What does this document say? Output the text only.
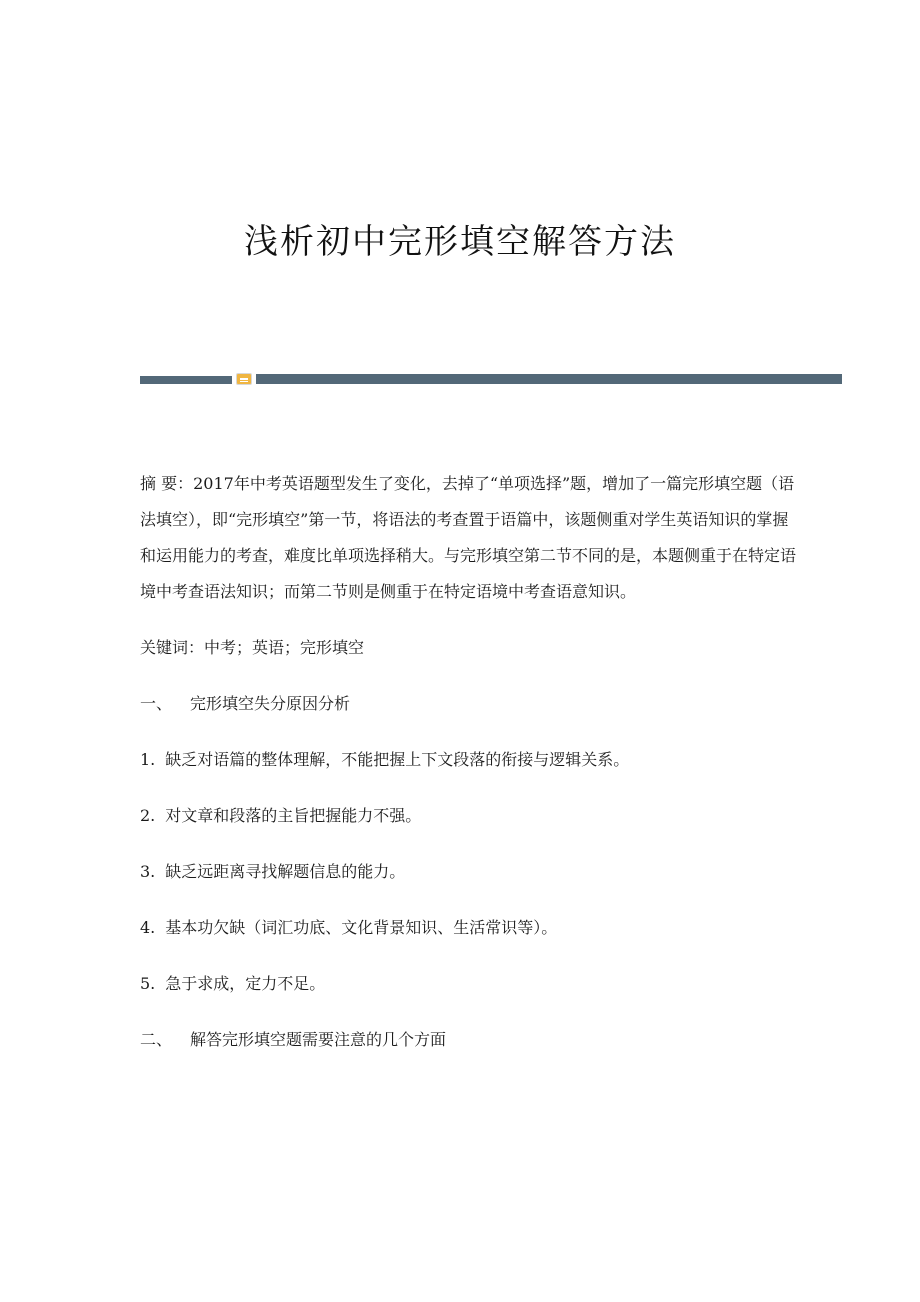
浅析初中完形填空解答方法

摘 要：2017年中考英语题型发生了变化，去掉了“单项选择”题，增加了一篇完形填空题（语法填空），即“完形填空”第一节，将语法的考查置于语篇中，该题侧重对学生英语知识的掌握和运用能力的考查，难度比单项选择稍大。与完形填空第二节不同的是，本题侧重于在特定语境中考查语法知识；而第二节则是侧重于在特定语境中考查语意知识。

关键词：中考；英语；完形填空

一、 完形填空失分原因分析

1. 缺乏对语篇的整体理解，不能把握上下文段落的衔接与逻辑关系。

2. 对文章和段落的主旨把握能力不强。

3. 缺乏远距离寻找解题信息的能力。

4. 基本功欠缺（词汇功底、文化背景知识、生活常识等）。

5. 急于求成，定力不足。

二、 解答完形填空题需要注意的几个方面
